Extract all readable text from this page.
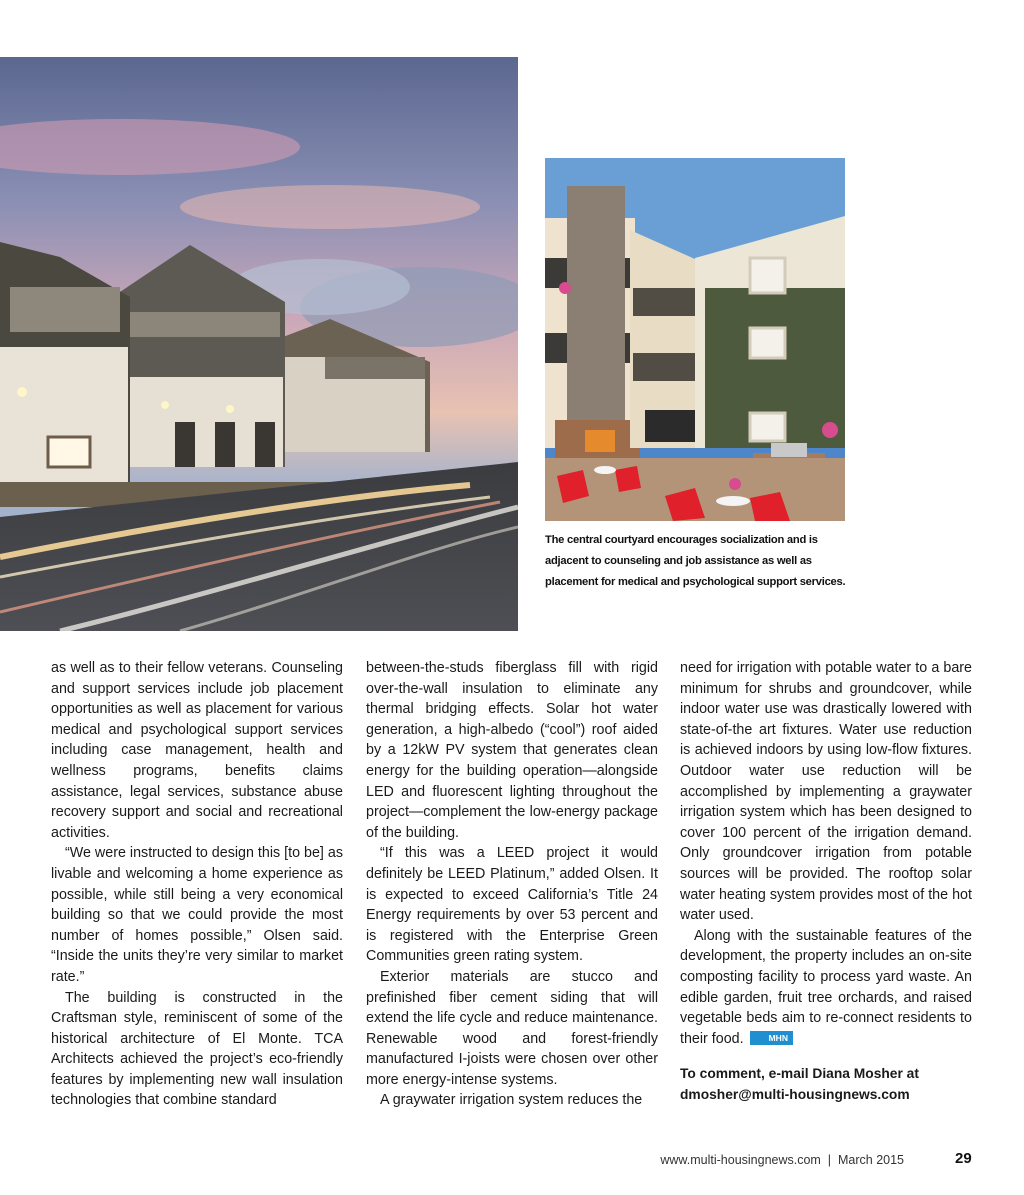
The central courtyard encourages socialization and is adjacent to counseling and job assistance as well as placement for medical and psychological support services.

as well as to their fellow veterans. Counseling and support services include job placement opportunities as well as placement for various medical and psychological support services including case management, health and wellness programs, benefits claims assistance, legal services, substance abuse recovery support and social and recreational activities.

“We were instructed to design this [to be] as livable and welcoming a home experience as possible, while still being a very economical building so that we could provide the most number of homes possible,” Olsen said. “Inside the units they’re very similar to market rate.”

The building is constructed in the Craftsman style, reminiscent of some of the historical architecture of El Monte. TCA Architects achieved the project’s eco-friendly features by implementing new wall insulation technologies that combine standard

between-the-studs fiberglass fill with rigid over-the-wall insulation to eliminate any thermal bridging effects. Solar hot water generation, a high-albedo (“cool”) roof aided by a 12kW PV system that generates clean energy for the building operation—alongside LED and fluorescent lighting throughout the project—complement the low-energy package of the building.

“If this was a LEED project it would definitely be LEED Platinum,” added Olsen. It is expected to exceed California’s Title 24 Energy requirements by over 53 percent and is registered with the Enterprise Green Communities green rating system.

Exterior materials are stucco and prefinished fiber cement siding that will extend the life cycle and reduce maintenance. Renewable wood and forest-friendly manufactured I-joists were chosen over other more energy-intense systems.

A graywater irrigation system reduces the

need for irrigation with potable water to a bare minimum for shrubs and groundcover, while indoor water use was drastically lowered with state-of-the art fixtures. Water use reduction is achieved indoors by using low-flow fixtures. Outdoor water use reduction will be accomplished by implementing a graywater irrigation system which has been designed to cover 100 percent of the irrigation demand. Only groundcover irrigation from potable sources will be provided. The rooftop solar water heating system provides most of the hot water used.

Along with the sustainable features of the development, the property includes an on-site composting facility to process yard waste. An edible garden, fruit tree orchards, and raised vegetable beds aim to re-connect residents to their food.	MHN

To comment, e-mail Diana Mosher at
dmosher@multi-housingnews.com

www.multi-housingnews.com  |  March 2015	29
